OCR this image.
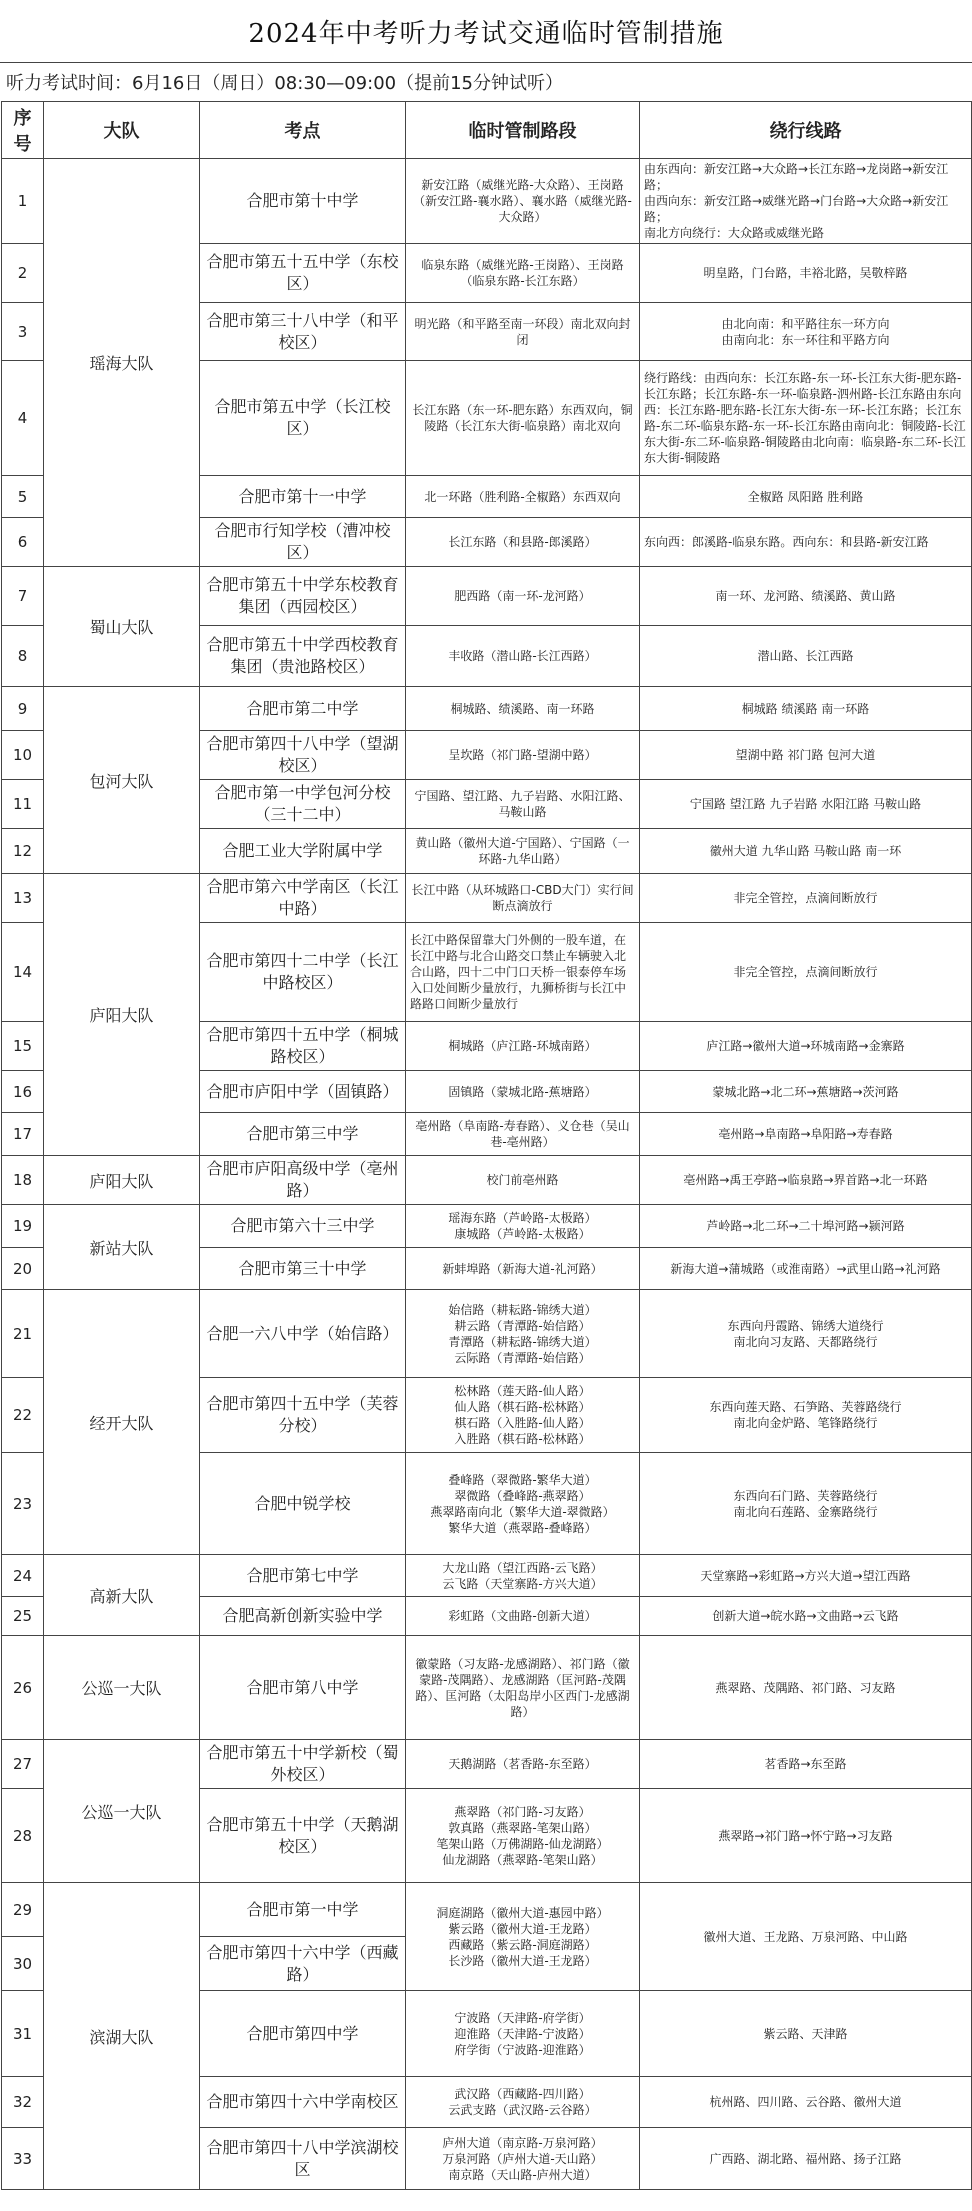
2024年中考听力考试交通临时管制措施
听力考试时间：6月16日（周日）08:30—09:00（提前15分钟试听）
序号	大队	考点	临时管制路段	绕行线路
1	瑶海大队	合肥市第十中学	新安江路（威继光路-大众路）、王岗路（新安江路-襄水路）、襄水路（威继光路-大众路）	由东西向：新安江路→大众路→长江东路→龙岗路→新安江路；
由西向东：新安江路→威继光路→门台路→大众路→新安江路；
南北方向绕行：大众路或威继光路
2		合肥市第五十五中学（东校区）	临泉东路（威继光路-王岗路）、王岗路（临泉东路-长江东路）	明皇路，门台路，丰裕北路，吴敬梓路
3		合肥市第三十八中学（和平校区）	明光路（和平路至南一环段）南北双向封闭	由北向南：和平路往东一环方向
由南向北：东一环往和平路方向
4		合肥市第五中学（长江校区）	长江东路（东一环-肥东路）东西双向，铜陵路（长江东大街-临泉路）南北双向	绕行路线：由西向东：长江东路-东一环-长江东大街-肥东路-长江东路；长江东路-东一环-临泉路-泗州路-长江东路由东向西：长江东路-肥东路-长江东大街-东一环-长江东路；长江东路-东二环-临泉东路-东一环-长江东路由南向北：铜陵路-长江东大街-东二环-临泉路-铜陵路由北向南：临泉路-东二环-长江东大街-铜陵路
5		合肥市第十一中学	北一环路（胜利路-全椒路）东西双向	全椒路 凤阳路 胜利路
6		合肥市行知学校（漕冲校区）	长江东路（和县路-郎溪路）	东向西：郎溪路-临泉东路。西向东：和县路-新安江路
7	蜀山大队	合肥市第五十中学东校教育集团（西园校区）	肥西路（南一环-龙河路）	南一环、龙河路、绩溪路、黄山路
8		合肥市第五十中学西校教育集团（贵池路校区）	丰收路（潜山路-长江西路）	潜山路、长江西路
9	包河大队	合肥市第二中学	桐城路、绩溪路、南一环路	桐城路 绩溪路 南一环路
10		合肥市第四十八中学（望湖校区）	呈坎路（祁门路-望湖中路）	望湖中路 祁门路 包河大道
11		合肥市第一中学包河分校（三十二中）	宁国路、望江路、九子岩路、水阳江路、马鞍山路	宁国路 望江路 九子岩路 水阳江路 马鞍山路
12		合肥工业大学附属中学	黄山路（徽州大道-宁国路）、宁国路（一环路-九华山路）	徽州大道 九华山路 马鞍山路 南一环
13	庐阳大队	合肥市第六中学南区（长江中路）	长江中路（从环城路口-CBD大门）实行间断点滴放行	非完全管控，点滴间断放行
14		合肥市第四十二中学（长江中路校区）	长江中路保留靠大门外侧的一股车道，在长江中路与北合山路交口禁止车辆驶入北合山路，四十二中门口天桥一银泰停车场入口处间断少量放行，九狮桥街与长江中路路口间断少量放行	非完全管控，点滴间断放行
15		合肥市第四十五中学（桐城路校区）	桐城路（庐江路-环城南路）	庐江路→徽州大道→环城南路→金寨路
16		合肥市庐阳中学（固镇路）	固镇路（蒙城北路-蕉塘路）	蒙城北路→北二环→蕉塘路→茨河路
17		合肥市第三中学	亳州路（阜南路-寿春路）、义仓巷（吴山巷-亳州路）	亳州路→阜南路→阜阳路→寿春路
18	庐阳大队	合肥市庐阳高级中学（亳州路）	校门前亳州路	亳州路→禹王亭路→临泉路→界首路→北一环路
19	新站大队	合肥市第六十三中学	瑶海东路（芦岭路-太极路）
康城路（芦岭路-太极路）	芦岭路→北二环→二十埠河路→颍河路
20		合肥市第三十中学	新蚌埠路（新海大道-礼河路）	新海大道→蒲城路（或淮南路）→武里山路→礼河路
21	经开大队	合肥一六八中学（始信路）	始信路（耕耘路-锦绣大道）
耕云路（青潭路-始信路）
青潭路（耕耘路-锦绣大道）
云际路（青潭路-始信路）	东西向丹霞路、锦绣大道绕行
南北向习友路、天都路绕行
22		合肥市第四十五中学（芙蓉分校）	松林路（莲天路-仙人路）
仙人路（棋石路-松林路）
棋石路（入胜路-仙人路）
入胜路（棋石路-松林路）	东西向莲天路、石笋路、芙蓉路绕行
南北向金炉路、笔锋路绕行
23		合肥中锐学校	叠峰路（翠微路-繁华大道）
翠微路（叠峰路-燕翠路）
燕翠路南向北（繁华大道-翠微路）
繁华大道（燕翠路-叠峰路）	东西向石门路、芙蓉路绕行
南北向石莲路、金寨路绕行
24	高新大队	合肥市第七中学	大龙山路（望江西路-云飞路）
云飞路（天堂寨路-方兴大道）	天堂寨路→彩虹路→方兴大道→望江西路
25		合肥高新创新实验中学	彩虹路（文曲路-创新大道）	创新大道→皖水路→文曲路→云飞路
26	公巡一大队	合肥市第八中学	徽蒙路（习友路-龙感湖路）、祁门路（徽蒙路-茂隅路）、龙感湖路（匡河路-茂隅路）、匡河路（太阳岛岸小区西门-龙感湖路）	燕翠路、茂隅路、祁门路、习友路
27	公巡一大队	合肥市第五十中学新校（蜀外校区）	天鹅湖路（茗香路-东至路）	茗香路→东至路
28		合肥市第五十中学（天鹅湖校区）	燕翠路（祁门路-习友路）
敦真路（燕翠路-笔架山路）
笔架山路（万佛湖路-仙龙湖路）
仙龙湖路（燕翠路-笔架山路）	燕翠路→祁门路→怀宁路→习友路
29	滨湖大队	合肥市第一中学	洞庭湖路（徽州大道-惠园中路）
紫云路（徽州大道-王龙路）
西藏路（紫云路-洞庭湖路）
长沙路（徽州大道-王龙路）	徽州大道、王龙路、万泉河路、中山路
30		合肥市第四十六中学（西藏路）		
31		合肥市第四中学	宁波路（天津路-府学街）
迎淮路（天津路-宁波路）
府学街（宁波路-迎淮路）	紫云路、天津路
32		合肥市第四十六中学南校区	武汉路（西藏路-四川路）
云武支路（武汉路-云谷路）	杭州路、四川路、云谷路、徽州大道
33		合肥市第四十八中学滨湖校区	庐州大道（南京路-万泉河路）
万泉河路（庐州大道-天山路）
南京路（天山路-庐州大道）	广西路、湖北路、福州路、扬子江路
